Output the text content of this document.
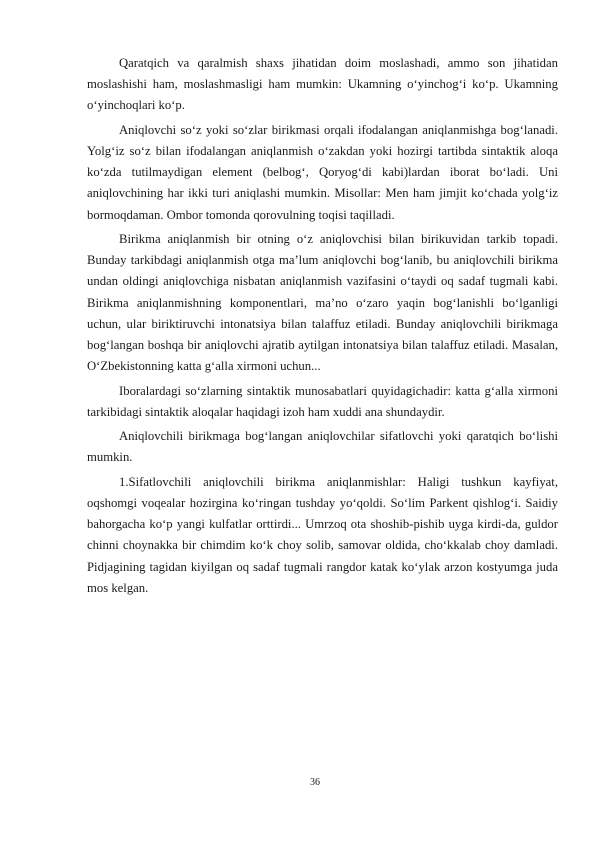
Qaratqich va qaralmish shaxs jihatidan doim moslashadi, ammo son jihatidan moslashishi ham, moslashmasligi ham mumkin: Ukamning o‘yinchog‘i ko‘p. Ukamning o‘yinchoqlari ko‘p.

Aniqlovchi so‘z yoki so‘zlar birikmasi orqali ifodalangan aniqlanmishga bog‘lanadi. Yolg‘iz so‘z bilan ifodalangan aniqlanmish o‘zakdan yoki hozirgi tartibda sintaktik aloqa ko‘zda tutilmaydigan element (belbog‘, Qoryog‘di kabi)lardan iborat bo‘ladi. Uni aniqlovchining har ikki turi aniqlashi mumkin. Misollar: Men ham jimjit ko‘chada yolg‘iz bormoqdaman. Ombor tomonda qorovulning toqisi taqilladi.

Birikma aniqlanmish bir otning o‘z aniqlovchisi bilan birikuvidan tarkib topadi. Bunday tarkibdagi aniqlanmish otga ma’lum aniqlovchi bog‘lanib, bu aniqlovchili birikma undan oldingi aniqlovchiga nisbatan aniqlanmish vazifasini o‘taydi oq sadaf tugmali kabi. Birikma aniqlanmishning komponentlari, ma’no o‘zaro yaqin bog‘lanishli bo‘lganligi uchun, ular biriktiruvchi intonatsiya bilan talaffuz etiladi. Bunday aniqlovchili birikmaga bog‘langan boshqa bir aniqlovchi ajratib aytilgan intonatsiya bilan talaffuz etiladi. Masalan, O‘Zbekistonning katta g‘alla xirmoni uchun...

Iboralardagi so‘zlarning sintaktik munosabatlari quyidagichadir: katta g‘alla xirmoni tarkibidagi sintaktik aloqalar haqidagi izoh ham xuddi ana shundaydir.

Aniqlovchili birikmaga bog‘langan aniqlovchilar sifatlovchi yoki qaratqich bo‘lishi mumkin.

1.Sifatlovchili aniqlovchili birikma aniqlanmishlar: Haligi tushkun kayfiyat, oqshomgi voqealar hozirgina ko‘ringan tushday yo‘qoldi. So‘lim Parkent qishlog‘i. Saidiy bahorgacha ko‘p yangi kulfatlar orttirdi... Umrzoq ota shoshib-pishib uyga kirdi-da, guldor chinni choynakka bir chimdim ko‘k choy solib, samovar oldida, cho‘kkalab choy damladi. Pidjagining tagidan kiyilgan oq sadaf tugmali rangdor katak ko‘ylak arzon kostyumga juda mos kelgan.

36
